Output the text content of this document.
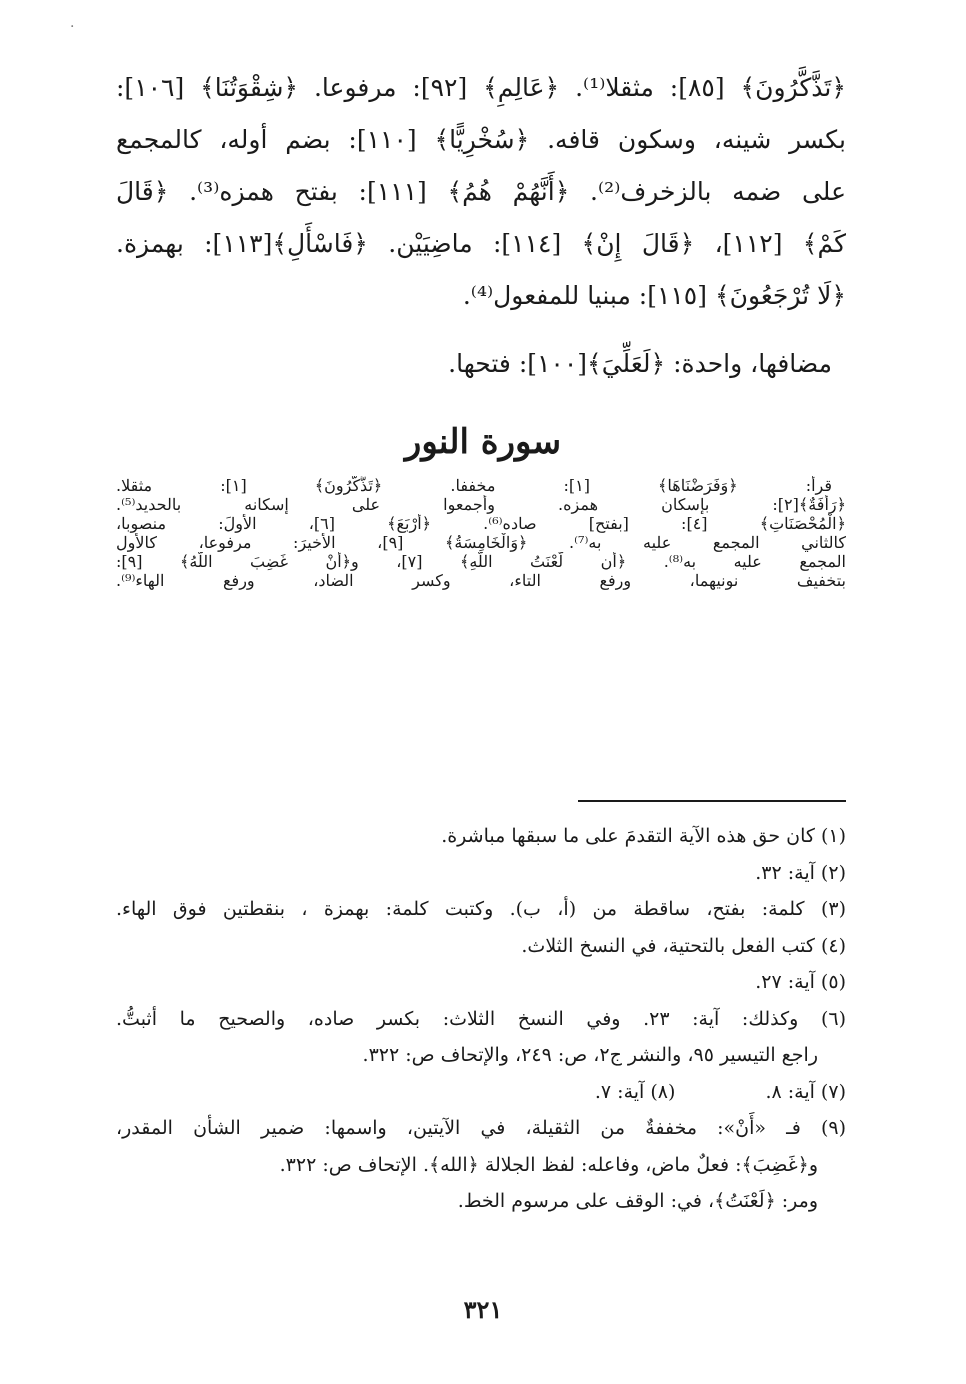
·
﴿تَذَّكَّرُونَ﴾ [٨٥]: مثقلا⁽¹⁾. ﴿عَالِمِ﴾ [٩٢]: مرفوعا. ﴿شِقْوَتُنَا﴾ [١٠٦]:
بكسر شينه، وسكون قافه. ﴿سُخْرِيًّا﴾ [١١٠]: بضم أوله، كالمجمع
على ضمه بالزخرف⁽²⁾. ﴿أَنَّهُمْ هُمُ﴾ [١١١]: بفتح همزه⁽³⁾. ﴿قَالَ
كَمْ﴾ [١١٢]، ﴿قَالَ إِنْ﴾ [١١٤]: ماضِيَيْن. ﴿فَاسْأَلِ﴾[١١٣]: بهمزة.
﴿لَا تُرْجَعُونَ﴾ [١١٥]: مبنيا للمفعول⁽⁴⁾.
مضافها، واحدة: ﴿لَعَلِّيَ﴾[١٠٠]: فتحها.
سورة النور
قرأ: ﴿وَفَرَضْنَاهَا﴾ [١]: مخففا. ﴿تَذَّكَّرُونَ﴾ [١]: مثقلا.
﴿رَأْفَةٌ﴾[٢]: بإسكان همزه. وأجمعوا على إسكانه بالحديد⁽⁵⁾.
﴿الْمُحْصَنَاتِ﴾ [٤]: [بفتح] صاده⁽⁶⁾. ﴿أَرْبَعَ﴾ [٦]، الأولَ: منصوبا،
كالثاني المجمع عليه به⁽⁷⁾. ﴿وَالْخَامِسَةُ﴾ [٩]، الأخيرَ: مرفوعا، كالأول
المجمع عليه به⁽⁸⁾. ﴿أَن لَّعْنَتُ اللَّهِ﴾ [٧]، و﴿أَنْ غَضِبَ اللَّهُ﴾ [٩]:
بتخفيف نونيهما، ورفع التاء، وكسر الضاد، ورفع الهاء⁽⁹⁾.
(١) كان حق هذه الآية التقدمَ على ما سبقها مباشرة.
(٢) آية: ٣٢.
(٣) كلمة: بفتح، ساقطة من (أ، ب). وكتبت كلمة: بهمزة ، بنقطتين فوق الهاء.
(٤) كتب الفعل بالتحتية، في النسخ الثلاث.
(٥) آية: ٢٧.
(٦) وكذلك: آية: ٢٣. وفي النسخ الثلاث: بكسر صاده، والصحيح ما أثبتُّ.
راجع التيسير ٩٥، والنشر ج٢، ص: ٢٤٩، والإتحاف ص: ٣٢٢.
(٧) آية: ٨.
(٨) آية: ٧.
(٩) فـ «أَنْ»: مخففةٌ من الثقيلة، في الآيتين، واسمها: ضمير الشأن المقدر،
و﴿غَضِبَ﴾: فعلٌ ماض، وفاعله: لفظ الجلالة ﴿الله﴾. الإتحاف ص: ٣٢٢.
ومر: ﴿لَعْنَتُ﴾، في: الوقف على مرسوم الخط.
٣٢١
